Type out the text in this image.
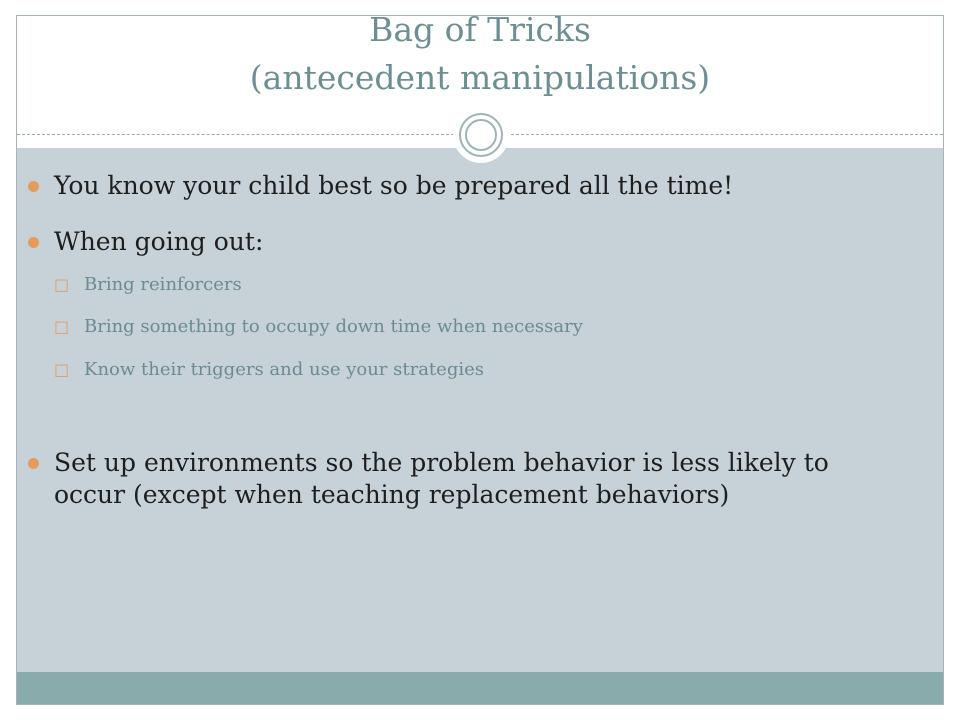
Bag of Tricks
(antecedent manipulations)
You know your child best so be prepared all the time!
When going out:
□ Bring reinforcers
□ Bring something to occupy down time when necessary
□ Know their triggers and use your strategies
Set up environments so the problem behavior is less likely to occur (except when teaching replacement behaviors)
